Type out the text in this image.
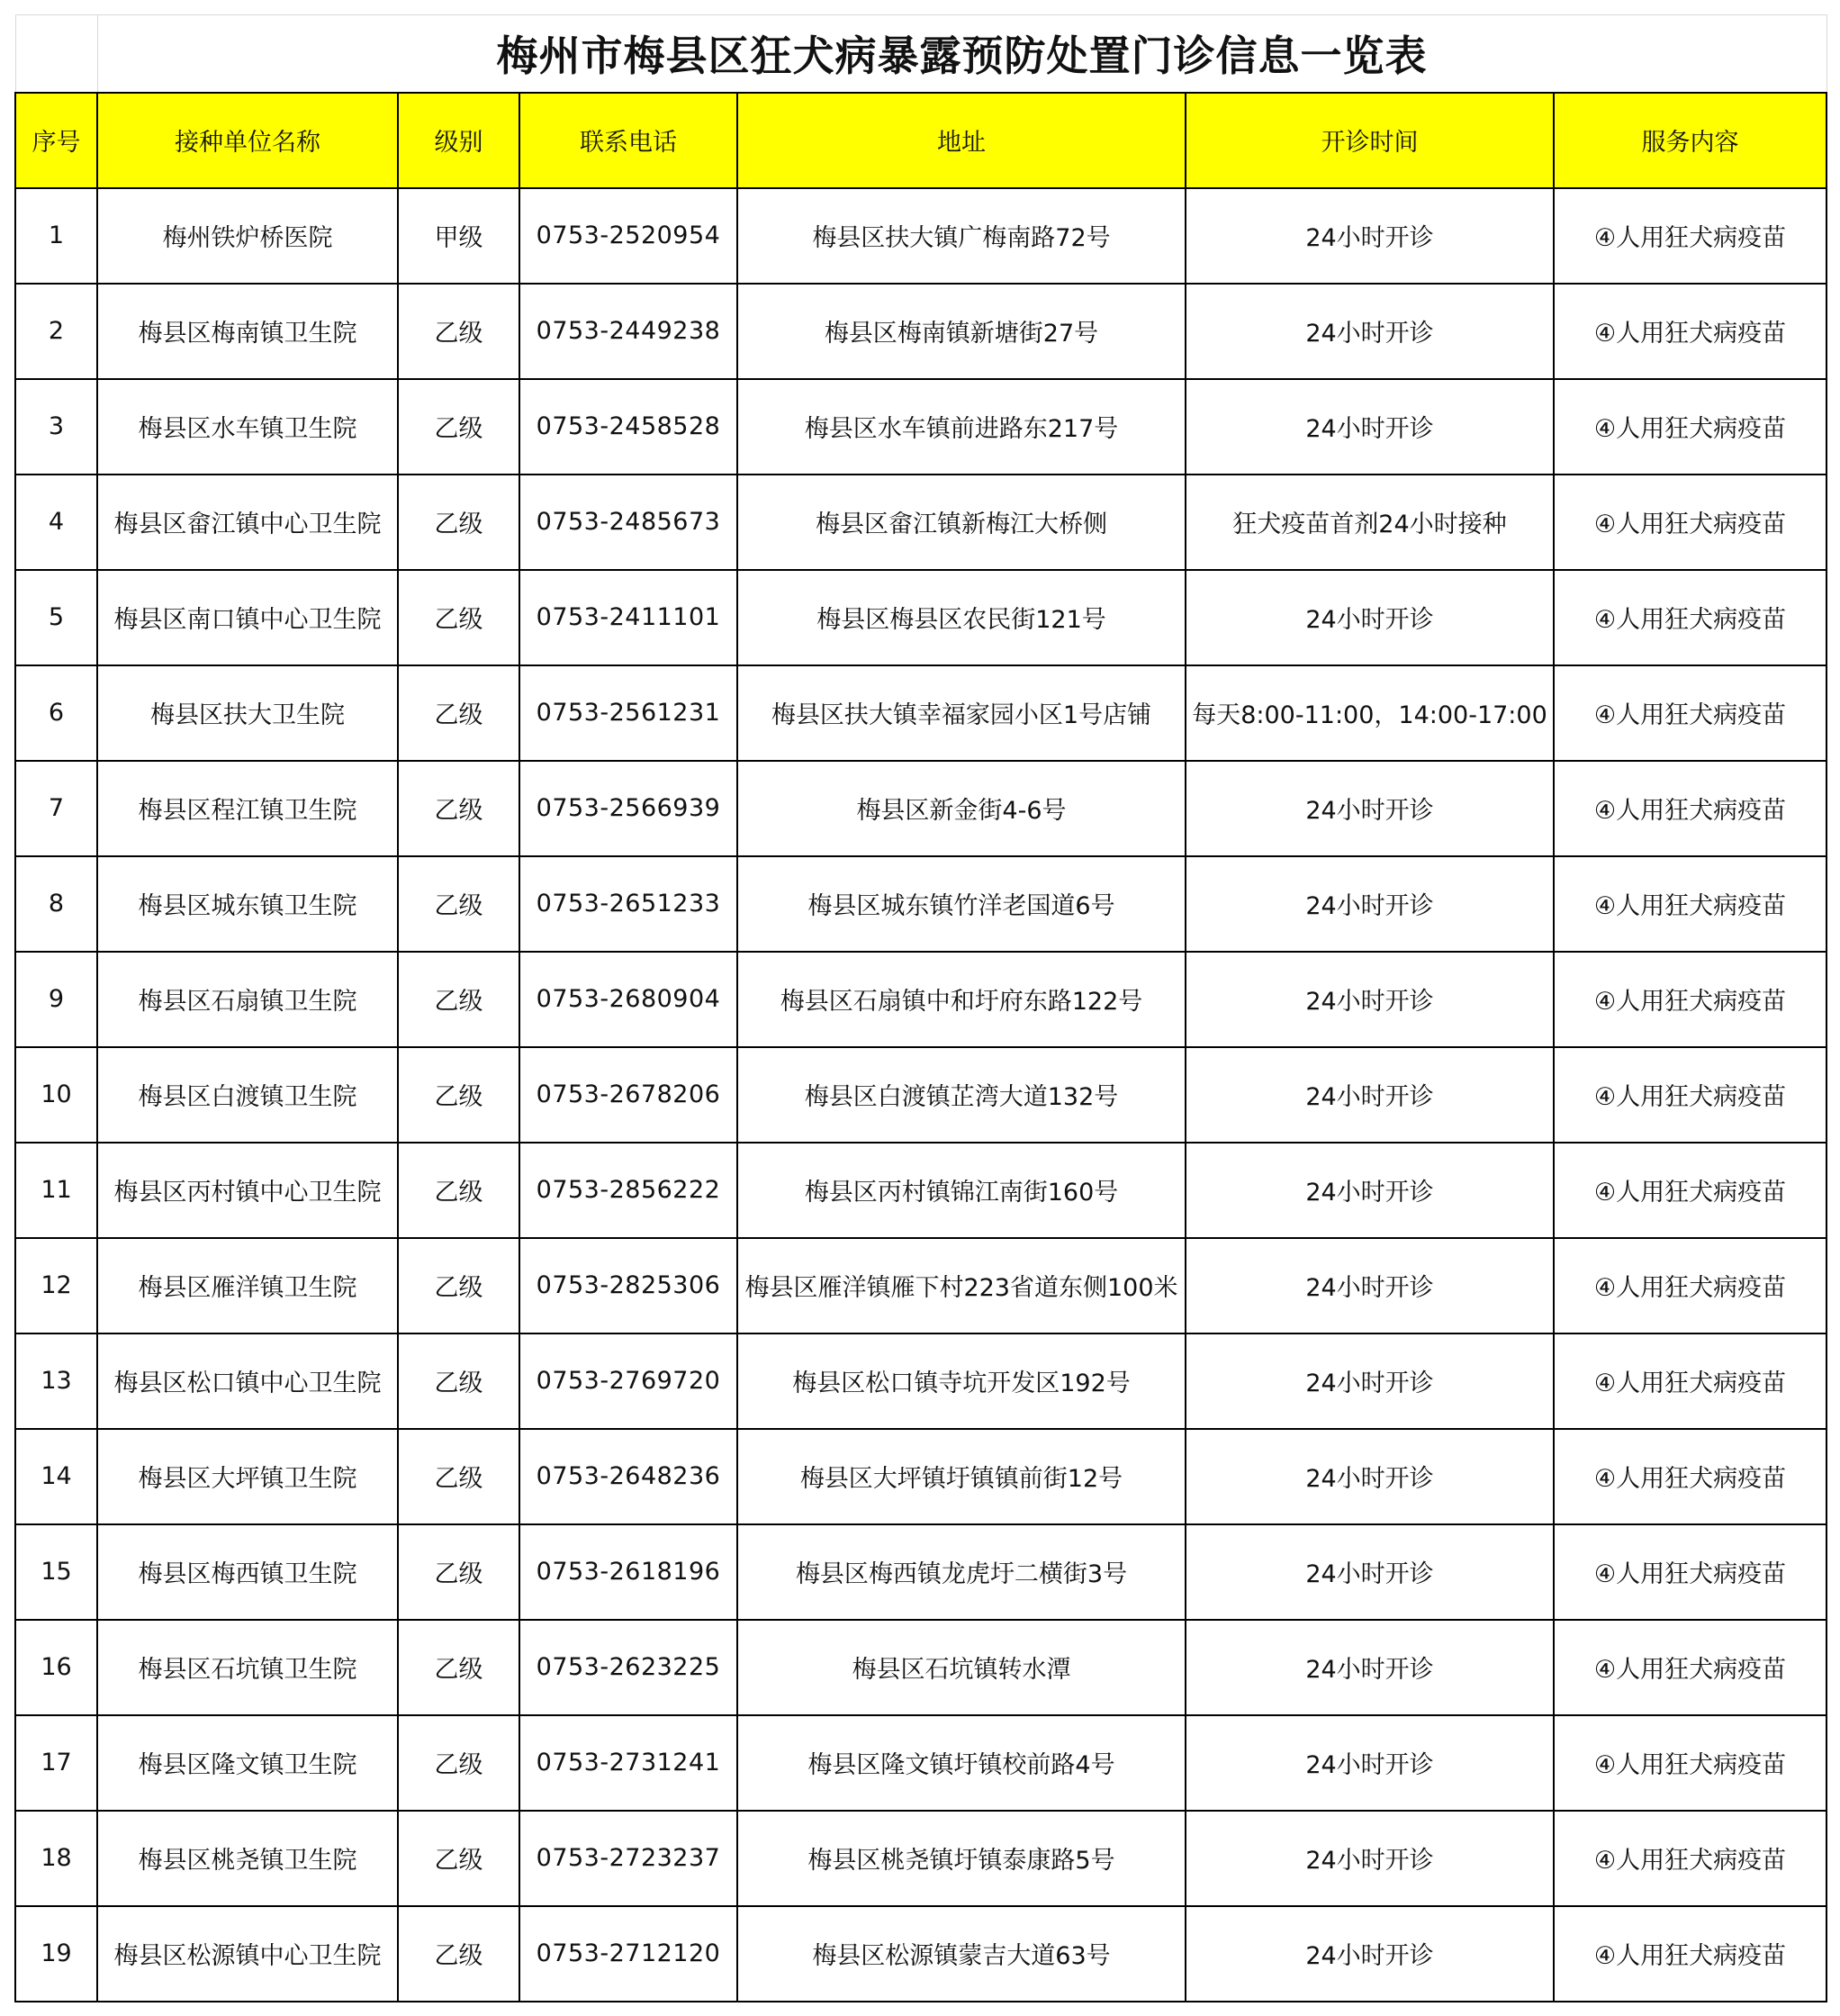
	梅州市梅县区狂犬病暴露预防处置门诊信息一览表					
序号	接种单位名称	级别	联系电话	地址	开诊时间	服务内容
1	梅州铁炉桥医院	甲级	0753-2520954	梅县区扶大镇广梅南路72号	24小时开诊	④人用狂犬病疫苗
2	梅县区梅南镇卫生院	乙级	0753-2449238	梅县区梅南镇新塘街27号	24小时开诊	④人用狂犬病疫苗
3	梅县区水车镇卫生院	乙级	0753-2458528	梅县区水车镇前进路东217号	24小时开诊	④人用狂犬病疫苗
4	梅县区畲江镇中心卫生院	乙级	0753-2485673	梅县区畲江镇新梅江大桥侧	狂犬疫苗首剂24小时接种	④人用狂犬病疫苗
5	梅县区南口镇中心卫生院	乙级	0753-2411101	梅县区梅县区农民街121号	24小时开诊	④人用狂犬病疫苗
6	梅县区扶大卫生院	乙级	0753-2561231	梅县区扶大镇幸福家园小区1号店铺	每天8:00-11:00，14:00-17:00	④人用狂犬病疫苗
7	梅县区程江镇卫生院	乙级	0753-2566939	梅县区新金街4-6号	24小时开诊	④人用狂犬病疫苗
8	梅县区城东镇卫生院	乙级	0753-2651233	梅县区城东镇竹洋老国道6号	24小时开诊	④人用狂犬病疫苗
9	梅县区石扇镇卫生院	乙级	0753-2680904	梅县区石扇镇中和圩府东路122号	24小时开诊	④人用狂犬病疫苗
10	梅县区白渡镇卫生院	乙级	0753-2678206	梅县区白渡镇芷湾大道132号	24小时开诊	④人用狂犬病疫苗
11	梅县区丙村镇中心卫生院	乙级	0753-2856222	梅县区丙村镇锦江南街160号	24小时开诊	④人用狂犬病疫苗
12	梅县区雁洋镇卫生院	乙级	0753-2825306	梅县区雁洋镇雁下村223省道东侧100米	24小时开诊	④人用狂犬病疫苗
13	梅县区松口镇中心卫生院	乙级	0753-2769720	梅县区松口镇寺坑开发区192号	24小时开诊	④人用狂犬病疫苗
14	梅县区大坪镇卫生院	乙级	0753-2648236	梅县区大坪镇圩镇镇前街12号	24小时开诊	④人用狂犬病疫苗
15	梅县区梅西镇卫生院	乙级	0753-2618196	梅县区梅西镇龙虎圩二横街3号	24小时开诊	④人用狂犬病疫苗
16	梅县区石坑镇卫生院	乙级	0753-2623225	梅县区石坑镇转水潭	24小时开诊	④人用狂犬病疫苗
17	梅县区隆文镇卫生院	乙级	0753-2731241	梅县区隆文镇圩镇校前路4号	24小时开诊	④人用狂犬病疫苗
18	梅县区桃尧镇卫生院	乙级	0753-2723237	梅县区桃尧镇圩镇泰康路5号	24小时开诊	④人用狂犬病疫苗
19	梅县区松源镇中心卫生院	乙级	0753-2712120	梅县区松源镇蒙吉大道63号	24小时开诊	④人用狂犬病疫苗
